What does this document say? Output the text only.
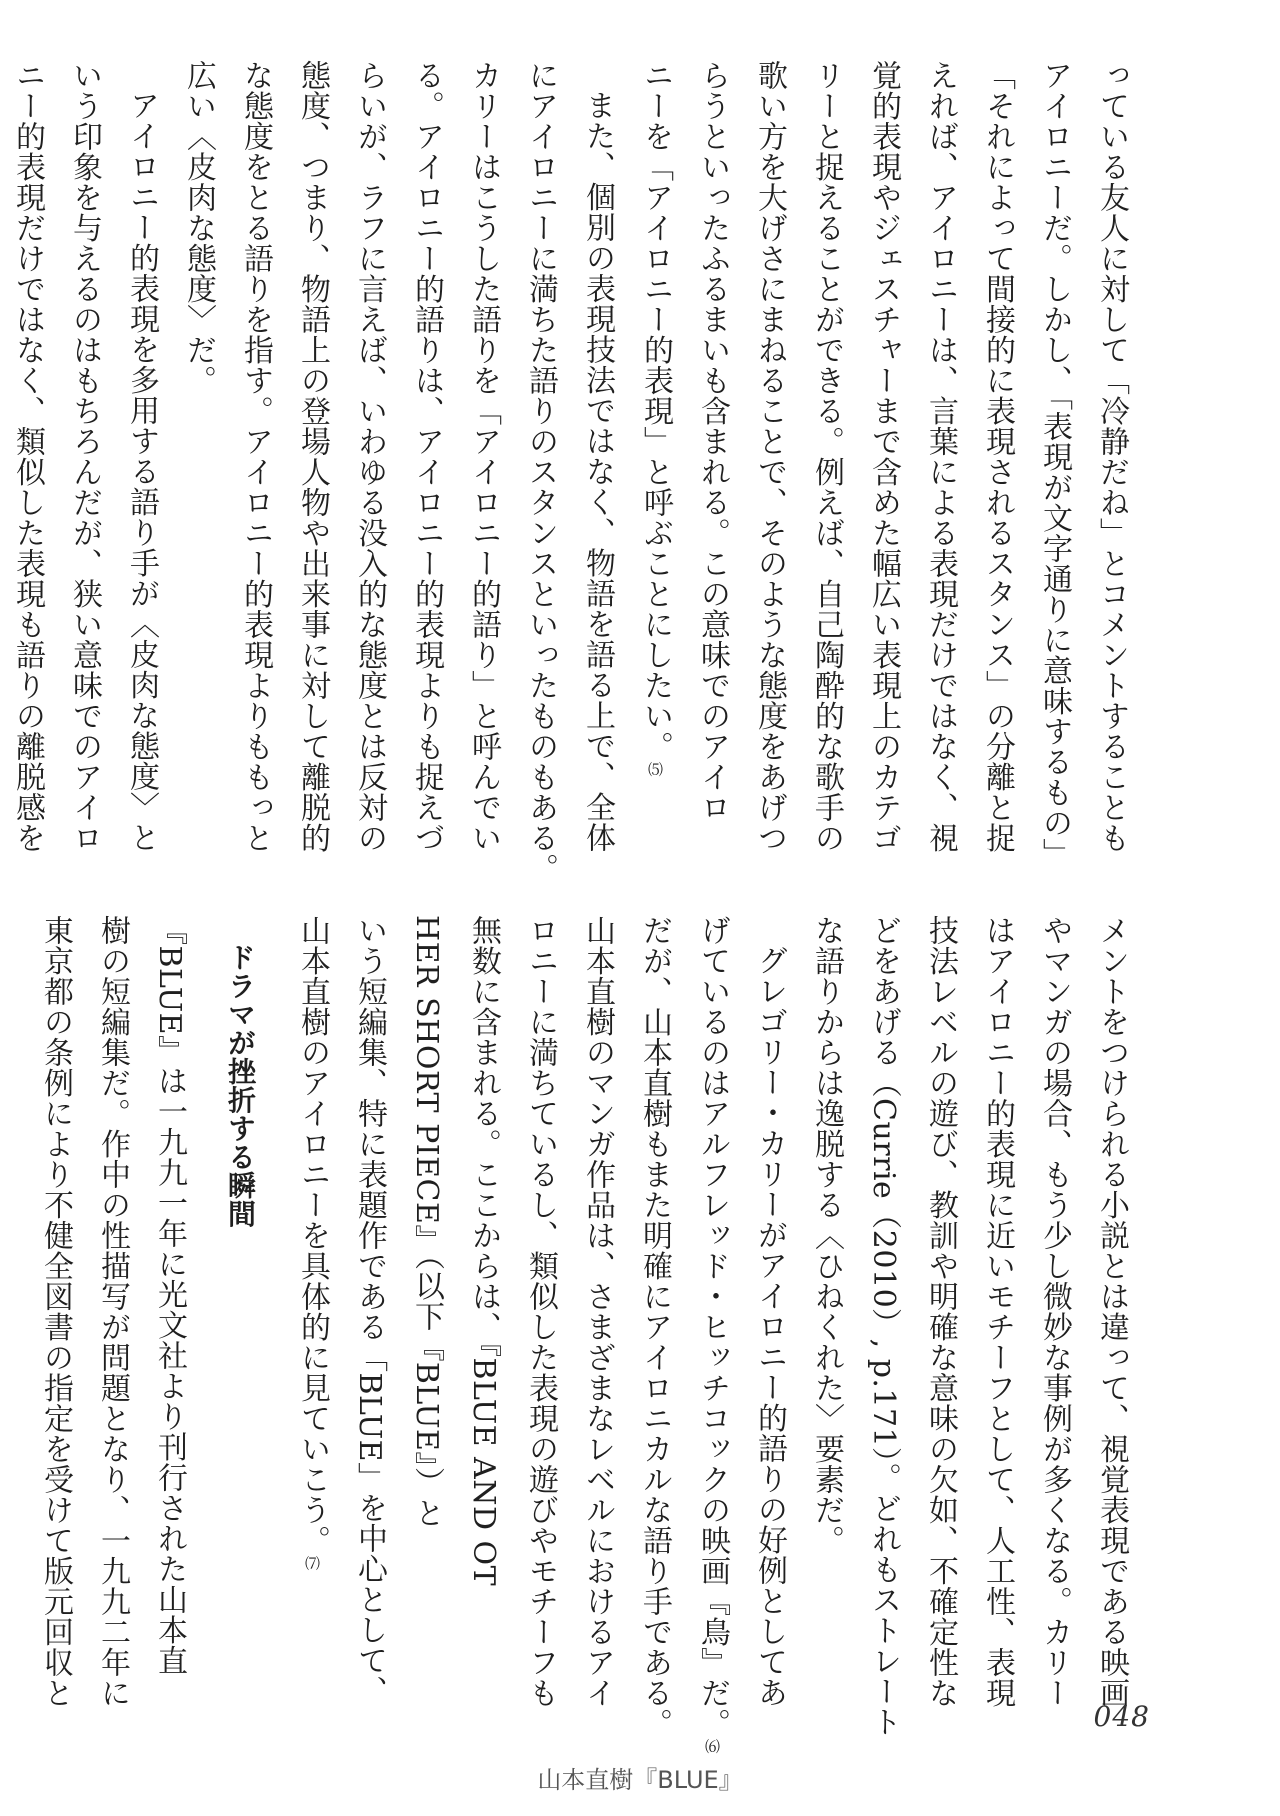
っている友人に対して「冷静だね」とコメントすることも
アイロニーだ。しかし、「表現が文字通りに意味するもの」
「それによって間接的に表現されるスタンス」の分離と捉
えれば、アイロニーは、言葉による表現だけではなく、視
覚的表現やジェスチャーまで含めた幅広い表現上のカテゴ
リーと捉えることができる。例えば、自己陶酔的な歌手の
歌い方を大げさにまねることで、そのような態度をあげつ
らうといったふるまいも含まれる。この意味でのアイロ
ニーを「アイロニー的表現」と呼ぶことにしたい。⑸
また、個別の表現技法ではなく、物語を語る上で、全体
にアイロニーに満ちた語りのスタンスといったものもある。
カリーはこうした語りを「アイロニー的語り」と呼んでい
る。アイロニー的語りは、アイロニー的表現よりも捉えづ
らいが、ラフに言えば、いわゆる没入的な態度とは反対の
態度、つまり、物語上の登場人物や出来事に対して離脱的
な態度をとる語りを指す。アイロニー的表現よりももっと
広い〈皮肉な態度〉だ。
アイロニー的表現を多用する語り手が〈皮肉な態度〉と
いう印象を与えるのはもちろんだが、狭い意味でのアイロ
ニー的表現だけではなく、類似した表現も語りの離脱感を
メントをつけられる小説とは違って、視覚表現である映画
やマンガの場合、もう少し微妙な事例が多くなる。カリー
はアイロニー的表現に近いモチーフとして、人工性、表現
技法レベルの遊び、教訓や明確な意味の欠如、不確定性な
どをあげる（Currie（2010）, p.171）。どれもストレート
な語りからは逸脱する〈ひねくれた〉要素だ。
グレゴリー・カリーがアイロニー的語りの好例としてあ
げているのはアルフレッド・ヒッチコックの映画『鳥』だ。⑹
だが、山本直樹もまた明確にアイロニカルな語り手である。
山本直樹のマンガ作品は、さまざまなレベルにおけるアイ
ロニーに満ちているし、類似した表現の遊びやモチーフも
無数に含まれる。ここからは、『BLUE AND OT
HER SHORT PIECE』（以下『BLUE』）と
いう短編集、特に表題作である「BLUE」を中心として、
山本直樹のアイロニーを具体的に見ていこう。⑺
ドラマが挫折する瞬間
『BLUE』は一九九一年に光文社より刊行された山本直
樹の短編集だ。作中の性描写が問題となり、一九九二年に
東京都の条例により不健全図書の指定を受けて版元回収と
048
山本直樹『BLUE』
